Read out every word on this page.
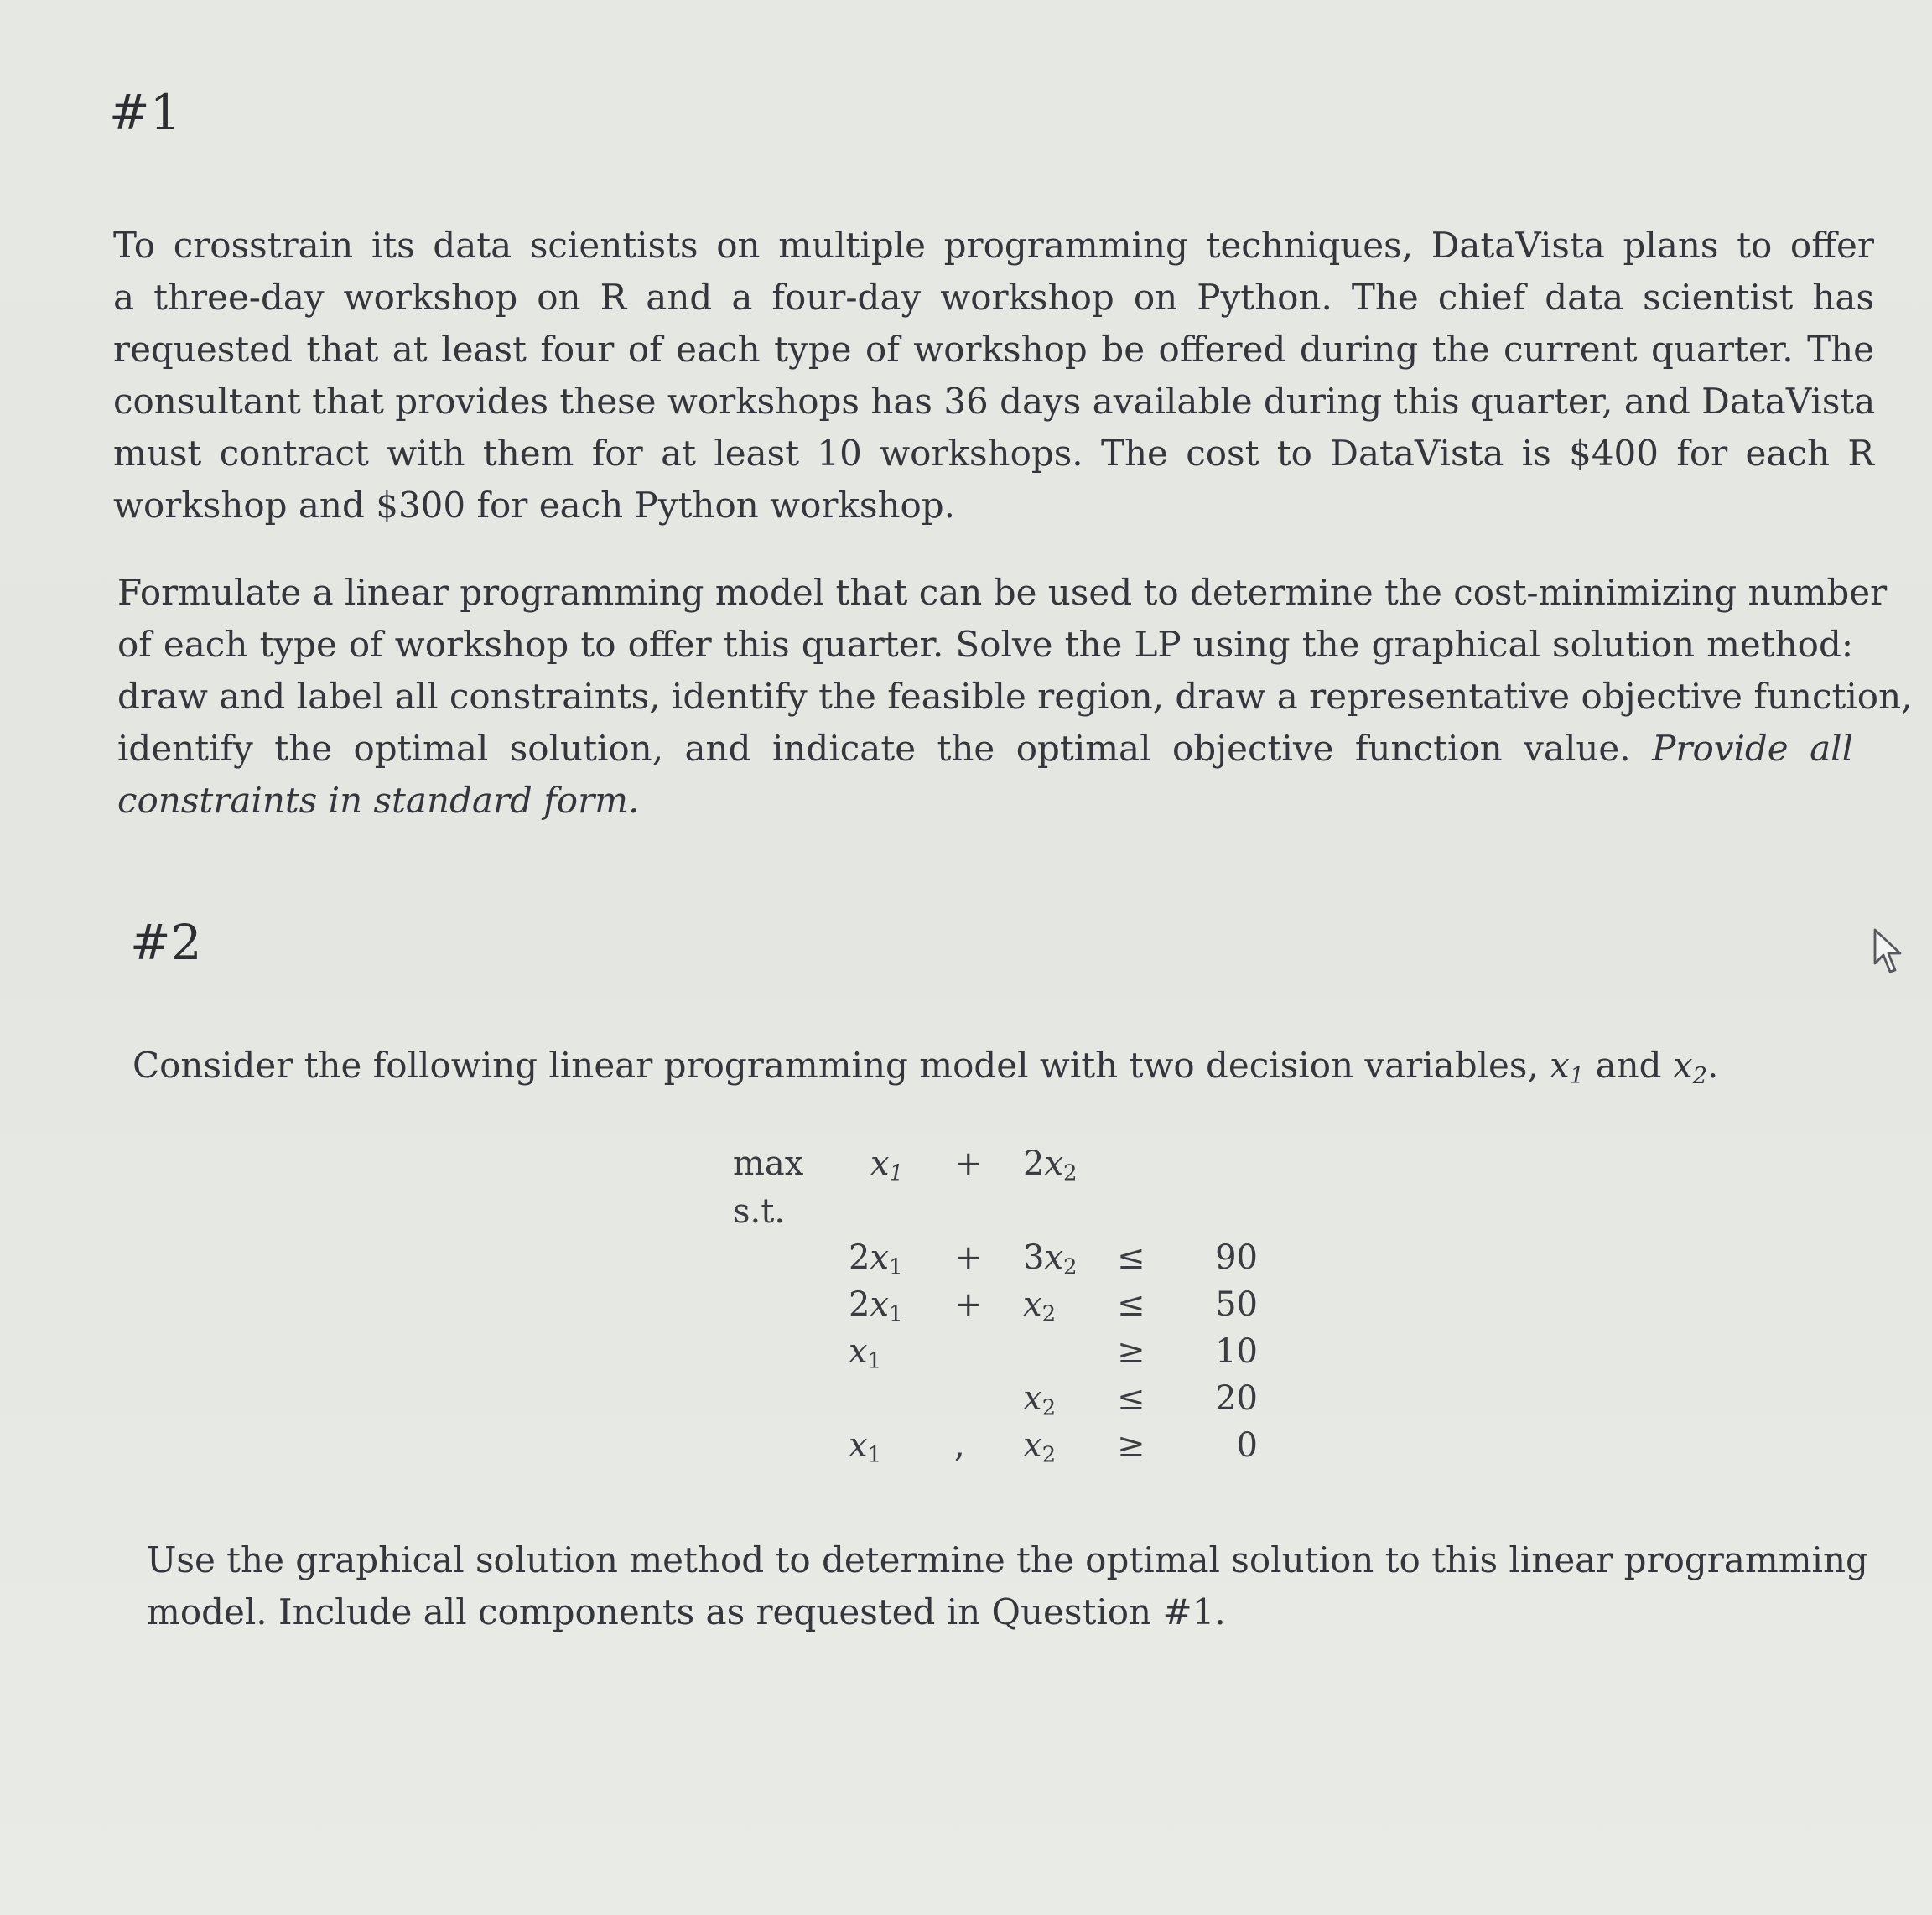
#1
To crosstrain its data scientists on multiple programming techniques, DataVista plans to offer
a three-day workshop on R and a four-day workshop on Python. The chief data scientist has
requested that at least four of each type of workshop be offered during the current quarter. The
consultant that provides these workshops has 36 days available during this quarter, and DataVista
must contract with them for at least 10 workshops. The cost to DataVista is $400 for each R
workshop and $300 for each Python workshop.
Formulate a linear programming model that can be used to determine the cost-minimizing number
of each type of workshop to offer this quarter. Solve the LP using the graphical solution method:
draw and label all constraints, identify the feasible region, draw a representative objective function,
identify the optimal solution, and indicate the optimal objective function value. Provide all
constraints in standard form.
#2
Consider the following linear programming model with two decision variables, $x_1$ and $x_2$.
$\max x_1 + 2x_2$
s.t.
$2x_1 + 3x_2$ ≤	90
$2x_1 + x_2$ ≤	50
$x_1$	≥	10
$x_2$ ≤	20
$x_1$ , $x_2$ ≥	0
Use the graphical solution method to determine the optimal solution to this linear programming
model. Include all components as requested in Question #1.
